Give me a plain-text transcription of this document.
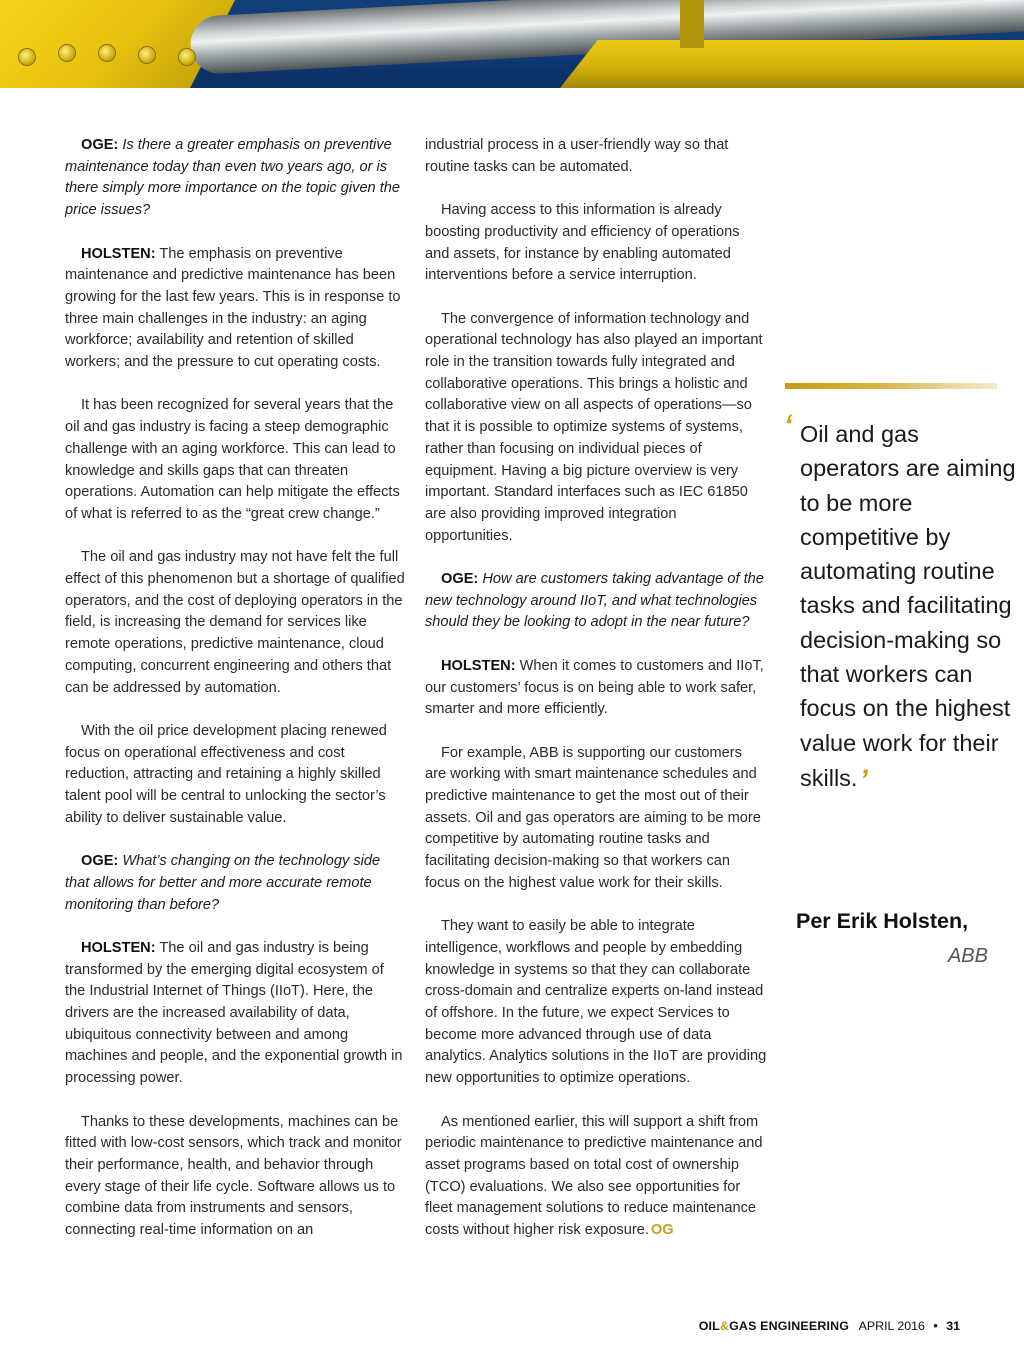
OGE: Is there a greater emphasis on preventive maintenance today than even two years ago, or is there simply more importance on the topic given the price issues?

HOLSTEN: The emphasis on preventive maintenance and predictive maintenance has been growing for the last few years. This is in response to three main challenges in the industry: an aging workforce; availability and retention of skilled workers; and the pressure to cut operating costs.

It has been recognized for several years that the oil and gas industry is facing a steep demographic challenge with an aging workforce. This can lead to knowledge and skills gaps that can threaten operations. Automation can help mitigate the effects of what is referred to as the “great crew change.”

The oil and gas industry may not have felt the full effect of this phenomenon but a shortage of qualified operators, and the cost of deploying operators in the field, is increasing the demand for services like remote operations, predictive maintenance, cloud computing, concurrent engineering and others that can be addressed by automation.

With the oil price development placing renewed focus on operational effectiveness and cost reduction, attracting and retaining a highly skilled talent pool will be central to unlocking the sector’s ability to deliver sustainable value.

OGE: What’s changing on the technology side that allows for better and more accurate remote monitoring than before?

HOLSTEN: The oil and gas industry is being transformed by the emerging digital ecosystem of the Industrial Internet of Things (IIoT). Here, the drivers are the increased availability of data, ubiquitous connectivity between and among machines and people, and the exponential growth in processing power.

Thanks to these developments, machines can be fitted with low-cost sensors, which track and monitor their performance, health, and behavior through every stage of their life cycle. Software allows us to combine data from instruments and sensors, connecting real-time information on an

industrial process in a user-friendly way so that routine tasks can be automated.

Having access to this information is already boosting productivity and efficiency of operations and assets, for instance by enabling automated interventions before a service interruption.

The convergence of information technology and operational technology has also played an important role in the transition towards fully integrated and collaborative operations. This brings a holistic and collaborative view on all aspects of operations—so that it is possible to optimize systems of systems, rather than focusing on individual pieces of equipment. Having a big picture overview is very important. Standard interfaces such as IEC 61850 are also providing improved integration opportunities.

OGE: How are customers taking advantage of the new technology around IIoT, and what technologies should they be looking to adopt in the near future?

HOLSTEN: When it comes to customers and IIoT, our customers’ focus is on being able to work safer, smarter and more efficiently.

For example, ABB is supporting our customers are working with smart maintenance schedules and predictive maintenance to get the most out of their assets. Oil and gas operators are aiming to be more competitive by automating routine tasks and facilitating decision-making so that workers can focus on the highest value work for their skills.

They want to easily be able to integrate intelligence, workflows and people by embedding knowledge in systems so that they can collaborate cross-domain and centralize experts on-land instead of offshore. In the future, we expect Services to become more advanced through use of data analytics. Analytics solutions in the IIoT are providing new opportunities to optimize operations.

As mentioned earlier, this will support a shift from periodic maintenance to predictive maintenance and asset programs based on total cost of ownership (TCO) evaluations. We also see opportunities for fleet management solutions to reduce maintenance costs without higher risk exposure. OG

‘ Oil and gas operators are aiming to be more competitive by automating routine tasks and facilitating decision-making so that workers can focus on the highest value work for their skills.’
Per Erik Holsten,
ABB
OIL&GAS ENGINEERING APRIL 2016 • 31
